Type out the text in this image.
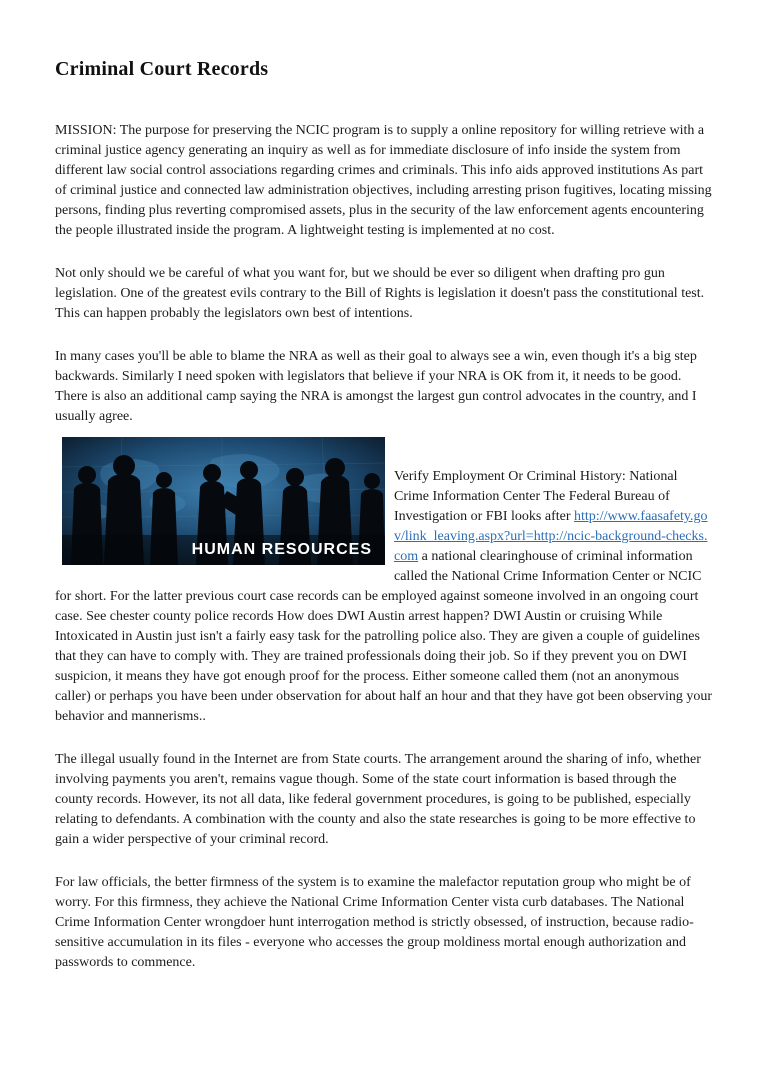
Criminal Court Records

MISSION: The purpose for preserving the NCIC program is to supply a online repository for willing retrieve with a criminal justice agency generating an inquiry as well as for immediate disclosure of info inside the system from different law social control associations regarding crimes and criminals. This info aids approved institutions As part of criminal justice and connected law administration objectives, including arresting prison fugitives, locating missing persons, finding plus reverting compromised assets, plus in the security of the law enforcement agents encountering the people illustrated inside the program. A lightweight testing is implemented at no cost.

Not only should we be careful of what you want for, but we should be ever so diligent when drafting pro gun legislation. One of the greatest evils contrary to the Bill of Rights is legislation it doesn't pass the constitutional test. This can happen probably the legislators own best of intentions.

In many cases you'll be able to blame the NRA as well as their goal to always see a win, even though it's a big step backwards. Similarly I need spoken with legislators that believe if your NRA is OK from it, it needs to be good. There is also an additional camp saying the NRA is amongst the largest gun control advocates in the country, and I usually agree.

HUMAN RESOURCES
Verify Employment Or Criminal History: National Crime Information Center The Federal Bureau of Investigation or FBI looks after http://www.faasafety.gov/link_leaving.aspx?url=http://ncic-background-checks.com a national clearinghouse of criminal information called the National Crime Information Center or NCIC for short. For the latter previous court case records can be employed against someone involved in an ongoing court case. See chester county police records How does DWI Austin arrest happen? DWI Austin or cruising While Intoxicated in Austin just isn't a fairly easy task for the patrolling police also. They are given a couple of guidelines that they can have to comply with. They are trained professionals doing their job. So if they prevent you on DWI suspicion, it means they have got enough proof for the process. Either someone called them (not an anonymous caller) or perhaps you have been under observation for about half an hour and that they have got been observing your behavior and mannerisms..

The illegal usually found in the Internet are from State courts. The arrangement around the sharing of info, whether involving payments you aren't, remains vague though. Some of the state court information is based through the county records. However, its not all data, like federal government procedures, is going to be published, especially relating to defendants. A combination with the county and also the state researches is going to be more effective to gain a wider perspective of your criminal record.

For law officials, the better firmness of the system is to examine the malefactor reputation group who might be of worry. For this firmness, they achieve the National Crime Information Center vista curb databases. The National Crime Information Center wrongdoer hunt interrogation method is strictly obsessed, of instruction, because radio-sensitive accumulation in its files - everyone who accesses the group moldiness mortal enough authorization and passwords to commence.
